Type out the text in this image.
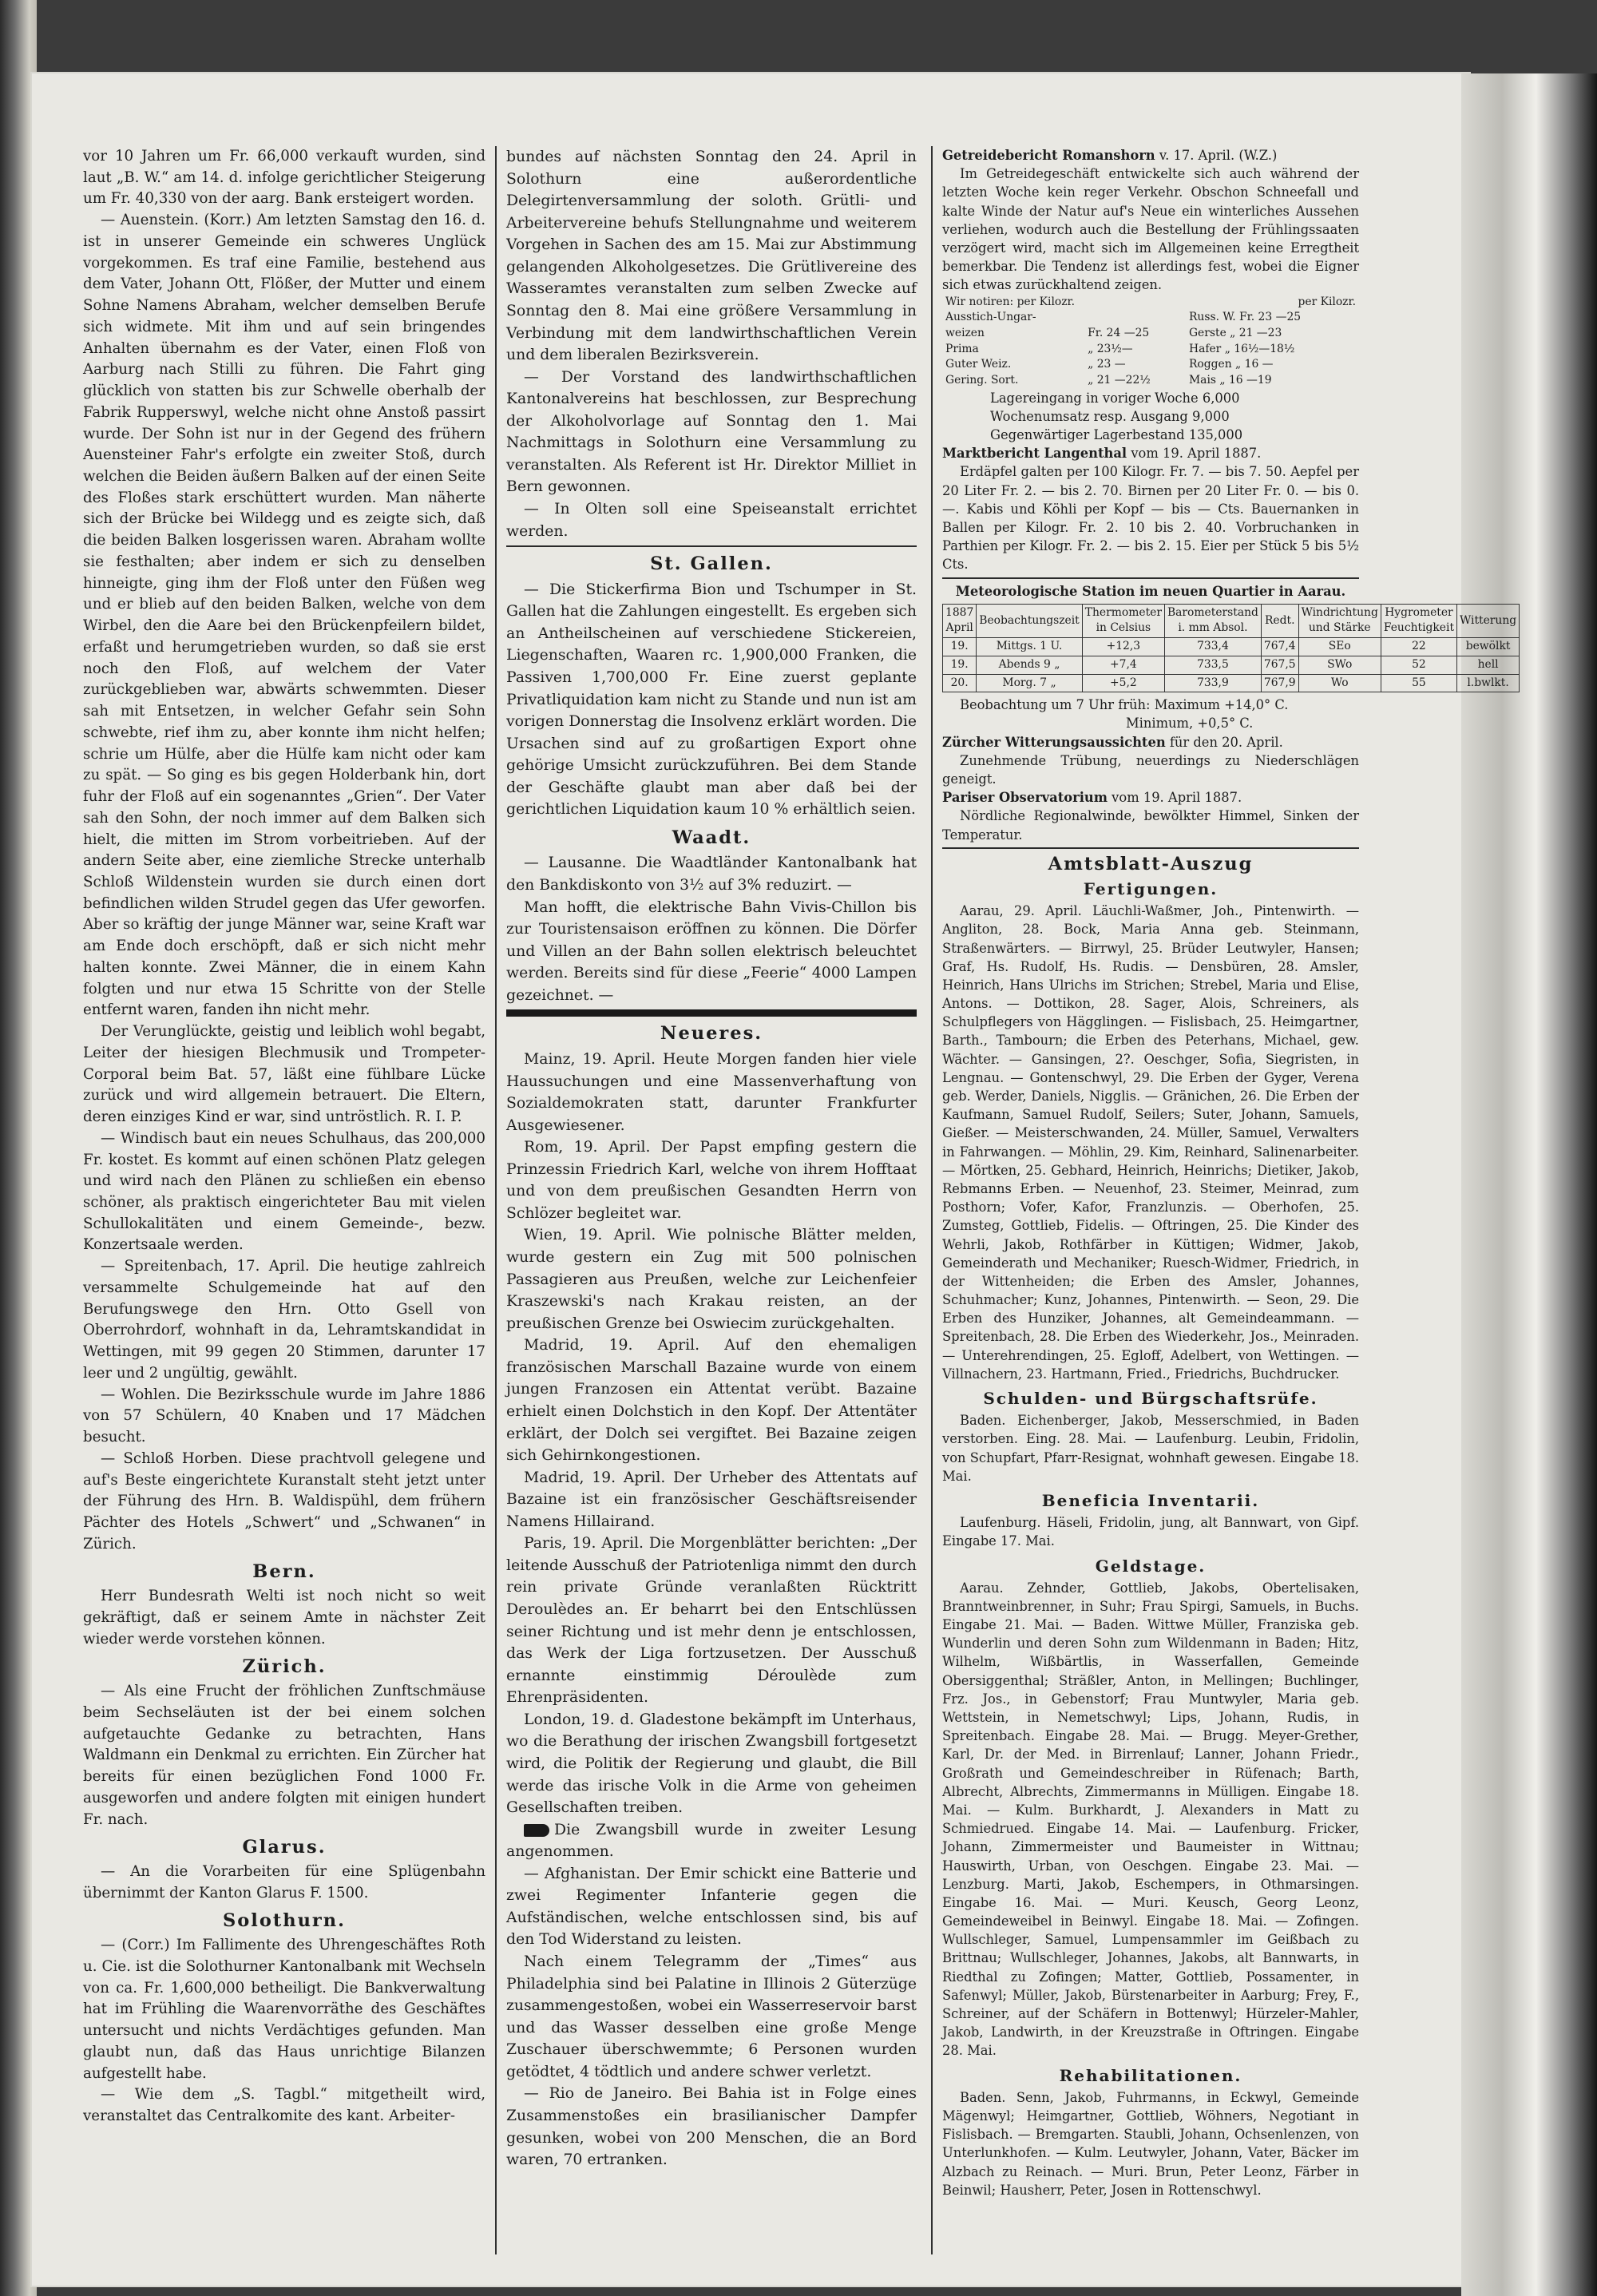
vor 10 Jahren um Fr. 66,000 verkauft wurden, sind laut „B. W.“ am 14. d. infolge gerichtlicher Steigerung um Fr. 40,330 von der aarg. Bank ersteigert worden.

— Auenstein. (Korr.) Am letzten Samstag den 16. d. ist in unserer Gemeinde ein schweres Unglück vorgekommen. Es traf eine Familie, bestehend aus dem Vater, Johann Ott, Flößer, der Mutter und einem Sohne Namens Abraham, welcher demselben Berufe sich widmete. Mit ihm und auf sein bringendes Anhalten übernahm es der Vater, einen Floß von Aarburg nach Stilli zu führen. Die Fahrt ging glücklich von statten bis zur Schwelle oberhalb der Fabrik Rupperswyl, welche nicht ohne Anstoß passirt wurde. Der Sohn ist nur in der Gegend des frühern Auensteiner Fahr's erfolgte ein zweiter Stoß, durch welchen die Beiden äußern Balken auf der einen Seite des Floßes stark erschüttert wurden. Man näherte sich der Brücke bei Wildegg und es zeigte sich, daß die beiden Balken losgerissen waren. Abraham wollte sie festhalten; aber indem er sich zu denselben hinneigte, ging ihm der Floß unter den Füßen weg und er blieb auf den beiden Balken, welche von dem Wirbel, den die Aare bei den Brückenpfeilern bildet, erfaßt und herumgetrieben wurden, so daß sie erst noch den Floß, auf welchem der Vater zurückgeblieben war, abwärts schwemmten. Dieser sah mit Entsetzen, in welcher Gefahr sein Sohn schwebte, rief ihm zu, aber konnte ihm nicht helfen; schrie um Hülfe, aber die Hülfe kam nicht oder kam zu spät. — So ging es bis gegen Holderbank hin, dort fuhr der Floß auf ein sogenanntes „Grien“. Der Vater sah den Sohn, der noch immer auf dem Balken sich hielt, die mitten im Strom vorbeitrieben. Auf der andern Seite aber, eine ziemliche Strecke unterhalb Schloß Wildenstein wurden sie durch einen dort befindlichen wilden Strudel gegen das Ufer geworfen. Aber so kräftig der junge Männer war, seine Kraft war am Ende doch erschöpft, daß er sich nicht mehr halten konnte. Zwei Männer, die in einem Kahn folgten und nur etwa 15 Schritte von der Stelle entfernt waren, fanden ihn nicht mehr.

Der Verunglückte, geistig und leiblich wohl begabt, Leiter der hiesigen Blechmusik und Trompeter-Corporal beim Bat. 57, läßt eine fühlbare Lücke zurück und wird allgemein betrauert. Die Eltern, deren einziges Kind er war, sind untröstlich. R. I. P.

— Windisch baut ein neues Schulhaus, das 200,000 Fr. kostet. Es kommt auf einen schönen Platz gelegen und wird nach den Plänen zu schließen ein ebenso schöner, als praktisch eingerichteter Bau mit vielen Schullokalitäten und einem Gemeinde-, bezw. Konzertsaale werden.

— Spreitenbach, 17. April. Die heutige zahlreich versammelte Schulgemeinde hat auf den Berufungswege den Hrn. Otto Gsell von Oberrohrdorf, wohnhaft in da, Lehramtskandidat in Wettingen, mit 99 gegen 20 Stimmen, darunter 17 leer und 2 ungültig, gewählt.

— Wohlen. Die Bezirksschule wurde im Jahre 1886 von 57 Schülern, 40 Knaben und 17 Mädchen besucht.

— Schloß Horben. Diese prachtvoll gelegene und auf's Beste eingerichtete Kuranstalt steht jetzt unter der Führung des Hrn. B. Waldispühl, dem frühern Pächter des Hotels „Schwert“ und „Schwanen“ in Zürich.

Bern.

Herr Bundesrath Welti ist noch nicht so weit gekräftigt, daß er seinem Amte in nächster Zeit wieder werde vorstehen können.

Zürich.

— Als eine Frucht der fröhlichen Zunftschmäuse beim Sechseläuten ist der bei einem solchen aufgetauchte Gedanke zu betrachten, Hans Waldmann ein Denkmal zu errichten. Ein Zürcher hat bereits für einen bezüglichen Fond 1000 Fr. ausgeworfen und andere folgten mit einigen hundert Fr. nach.

Glarus.

— An die Vorarbeiten für eine Splügenbahn übernimmt der Kanton Glarus F. 1500.

Solothurn.

— (Corr.) Im Fallimente des Uhrengeschäftes Roth u. Cie. ist die Solothurner Kantonalbank mit Wechseln von ca. Fr. 1,600,000 betheiligt. Die Bankverwaltung hat im Frühling die Waarenvorräthe des Geschäftes untersucht und nichts Verdächtiges gefunden. Man glaubt nun, daß das Haus unrichtige Bilanzen aufgestellt habe.

— Wie dem „S. Tagbl.“ mitgetheilt wird, veranstaltet das Centralkomite des kant. Arbeiter-

bundes auf nächsten Sonntag den 24. April in Solothurn eine außerordentliche Delegirtenversammlung der soloth. Grütli- und Arbeitervereine behufs Stellungnahme und weiterem Vorgehen in Sachen des am 15. Mai zur Abstimmung gelangenden Alkoholgesetzes. Die Grütlivereine des Wasseramtes veranstalten zum selben Zwecke auf Sonntag den 8. Mai eine größere Versammlung in Verbindung mit dem landwirthschaftlichen Verein und dem liberalen Bezirksverein.

— Der Vorstand des landwirthschaftlichen Kantonalvereins hat beschlossen, zur Besprechung der Alkoholvorlage auf Sonntag den 1. Mai Nachmittags in Solothurn eine Versammlung zu veranstalten. Als Referent ist Hr. Direktor Milliet in Bern gewonnen.

— In Olten soll eine Speiseanstalt errichtet werden.

St. Gallen.

— Die Stickerfirma Bion und Tschumper in St. Gallen hat die Zahlungen eingestellt. Es ergeben sich an Antheilscheinen auf verschiedene Stickereien, Liegenschaften, Waaren rc. 1,900,000 Franken, die Passiven 1,700,000 Fr. Eine zuerst geplante Privatliquidation kam nicht zu Stande und nun ist am vorigen Donnerstag die Insolvenz erklärt worden. Die Ursachen sind auf zu großartigen Export ohne gehörige Umsicht zurückzuführen. Bei dem Stande der Geschäfte glaubt man aber daß bei der gerichtlichen Liquidation kaum 10 % erhältlich seien.

Waadt.

— Lausanne. Die Waadtländer Kantonalbank hat den Bankdiskonto von 3½ auf 3% reduzirt. —

Man hofft, die elektrische Bahn Vivis-Chillon bis zur Touristensaison eröffnen zu können. Die Dörfer und Villen an der Bahn sollen elektrisch beleuchtet werden. Bereits sind für diese „Feerie“ 4000 Lampen gezeichnet. —

Neueres.

Mainz, 19. April. Heute Morgen fanden hier viele Haussuchungen und eine Massenverhaftung von Sozialdemokraten statt, darunter Frankfurter Ausgewiesener.

Rom, 19. April. Der Papst empfing gestern die Prinzessin Friedrich Karl, welche von ihrem Hofftaat und von dem preußischen Gesandten Herrn von Schlözer begleitet war.

Wien, 19. April. Wie polnische Blätter melden, wurde gestern ein Zug mit 500 polnischen Passagieren aus Preußen, welche zur Leichenfeier Kraszewski's nach Krakau reisten, an der preußischen Grenze bei Oswiecim zurückgehalten.

Madrid, 19. April. Auf den ehemaligen französischen Marschall Bazaine wurde von einem jungen Franzosen ein Attentat verübt. Bazaine erhielt einen Dolchstich in den Kopf. Der Attentäter erklärt, der Dolch sei vergiftet. Bei Bazaine zeigen sich Gehirnkongestionen.

Madrid, 19. April. Der Urheber des Attentats auf Bazaine ist ein französischer Geschäftsreisender Namens Hillairand.

Paris, 19. April. Die Morgenblätter berichten: „Der leitende Ausschuß der Patriotenliga nimmt den durch rein private Gründe veranlaßten Rücktritt Deroulèdes an. Er beharrt bei den Entschlüssen seiner Richtung und ist mehr denn je entschlossen, das Werk der Liga fortzusetzen. Der Ausschuß ernannte einstimmig Déroulède zum Ehrenpräsidenten.

London, 19. d. Gladestone bekämpft im Unterhaus, wo die Berathung der irischen Zwangsbill fortgesetzt wird, die Politik der Regierung und glaubt, die Bill werde das irische Volk in die Arme von geheimen Gesellschaften treiben.

Die Zwangsbill wurde in zweiter Lesung angenommen.

— Afghanistan. Der Emir schickt eine Batterie und zwei Regimenter Infanterie gegen die Aufständischen, welche entschlossen sind, bis auf den Tod Widerstand zu leisten.

Nach einem Telegramm der „Times“ aus Philadelphia sind bei Palatine in Illinois 2 Güterzüge zusammengestoßen, wobei ein Wasserreservoir barst und das Wasser desselben eine große Menge Zuschauer überschwemmte; 6 Personen wurden getödtet, 4 tödtlich und andere schwer verletzt.

— Rio de Janeiro. Bei Bahia ist in Folge eines Zusammenstoßes ein brasilianischer Dampfer gesunken, wobei von 200 Menschen, die an Bord waren, 70 ertranken.

Getreidebericht Romanshorn v. 17. April. (W.Z.)

Im Getreidegeschäft entwickelte sich auch während der letzten Woche kein reger Verkehr. Obschon Schneefall und kalte Winde der Natur auf's Neue ein winterliches Aussehen verliehen, wodurch auch die Bestellung der Frühlingssaaten verzögert wird, macht sich im Allgemeinen keine Erregtheit bemerkbar. Die Tendenz ist allerdings fest, wobei die Eigner sich etwas zurückhaltend zeigen.

Wir notiren: per Kilozr.		per Kilozr.
Ausstich-Ungar-		Russ. W. Fr. 23 —25
weizen	Fr. 24 —25	Gerste „ 21 —23
Prima	„ 23½—	Hafer „ 16½—18½
Guter Weiz.	„ 23 —	Roggen „ 16 —
Gering. Sort.	„ 21 —22½	Mais „ 16 —19

Lagereingang in voriger Woche 6,000

Wochenumsatz resp. Ausgang 9,000

Gegenwärtiger Lagerbestand 135,000

Marktbericht Langenthal vom 19. April 1887.

Erdäpfel galten per 100 Kilogr. Fr. 7. — bis 7. 50. Aepfel per 20 Liter Fr. 2. — bis 2. 70. Birnen per 20 Liter Fr. 0. — bis 0. —. Kabis und Köhli per Kopf — bis — Cts. Bauernanken in Ballen per Kilogr. Fr. 2. 10 bis 2. 40. Vorbruchanken in Parthien per Kilogr. Fr. 2. — bis 2. 15. Eier per Stück 5 bis 5½ Cts.

Meteorologische Station im neuen Quartier in Aarau.

1887 April	Beobachtungszeit	Thermometer in Celsius	Barometerstand i. mm Absol.	Redt.	Windrichtung und Stärke	Hygrometer Feuchtigkeit	Witterung
19.	Mittgs. 1 U.	+12,3	733,4	767,4	SEo	22	bewölkt
19.	Abends 9 „	+7,4	733,5	767,5	SWo	52	hell
20.	Morg. 7 „	+5,2	733,9	767,9	Wo	55	l.bwlkt.

Beobachtung um 7 Uhr früh: Maximum +14,0° C.

Minimum, +0,5° C.

Zürcher Witterungsaussichten für den 20. April.

Zunehmende Trübung, neuerdings zu Niederschlägen geneigt.

Pariser Observatorium vom 19. April 1887.

Nördliche Regionalwinde, bewölkter Himmel, Sinken der Temperatur.

Amtsblatt-Auszug
Fertigungen.

Aarau, 29. April. Läuchli-Waßmer, Joh., Pintenwirth. — Angliton, 28. Bock, Maria Anna geb. Steinmann, Straßenwärters. — Birrwyl, 25. Brüder Leutwyler, Hansen; Graf, Hs. Rudolf, Hs. Rudis. — Densbüren, 28. Amsler, Heinrich, Hans Ulrichs im Strichen; Strebel, Maria und Elise, Antons. — Dottikon, 28. Sager, Alois, Schreiners, als Schulpflegers von Hägglingen. — Fislisbach, 25. Heimgartner, Barth., Tambourn; die Erben des Peterhans, Michael, gew. Wächter. — Gansingen, 2?. Oeschger, Sofia, Siegristen, in Lengnau. — Gontenschwyl, 29. Die Erben der Gyger, Verena geb. Werder, Daniels, Nigglis. — Gränichen, 26. Die Erben der Kaufmann, Samuel Rudolf, Seilers; Suter, Johann, Samuels, Gießer. — Meisterschwanden, 24. Müller, Samuel, Verwalters in Fahrwangen. — Möhlin, 29. Kim, Reinhard, Salinenarbeiter. — Mörtken, 25. Gebhard, Heinrich, Heinrichs; Dietiker, Jakob, Rebmanns Erben. — Neuenhof, 23. Steimer, Meinrad, zum Posthorn; Vofer, Kafor, Franzlunzis. — Oberhofen, 25. Zumsteg, Gottlieb, Fidelis. — Oftringen, 25. Die Kinder des Wehrli, Jakob, Rothfärber in Küttigen; Widmer, Jakob, Gemeinderath und Mechaniker; Ruesch-Widmer, Friedrich, in der Wittenheiden; die Erben des Amsler, Johannes, Schuhmacher; Kunz, Johannes, Pintenwirth. — Seon, 29. Die Erben des Hunziker, Johannes, alt Gemeindeammann. — Spreitenbach, 28. Die Erben des Wiederkehr, Jos., Meinraden. — Unterehrendingen, 25. Egloff, Adelbert, von Wettingen. — Villnachern, 23. Hartmann, Fried., Friedrichs, Buchdrucker.

Schulden- und Bürgschaftsrüfe.

Baden. Eichenberger, Jakob, Messerschmied, in Baden verstorben. Eing. 28. Mai. — Laufenburg. Leubin, Fridolin, von Schupfart, Pfarr-Resignat, wohnhaft gewesen. Eingabe 18. Mai.

Beneficia Inventarii.

Laufenburg. Häseli, Fridolin, jung, alt Bannwart, von Gipf. Eingabe 17. Mai.

Geldstage.

Aarau. Zehnder, Gottlieb, Jakobs, Obertelisaken, Branntweinbrenner, in Suhr; Frau Spirgi, Samuels, in Buchs. Eingabe 21. Mai. — Baden. Wittwe Müller, Franziska geb. Wunderlin und deren Sohn zum Wildenmann in Baden; Hitz, Wilhelm, Wißbärtlis, in Wasserfallen, Gemeinde Obersiggenthal; Sträßler, Anton, in Mellingen; Buchlinger, Frz. Jos., in Gebenstorf; Frau Muntwyler, Maria geb. Wettstein, in Nemetschwyl; Lips, Johann, Rudis, in Spreitenbach. Eingabe 28. Mai. — Brugg. Meyer-Grether, Karl, Dr. der Med. in Birrenlauf; Lanner, Johann Friedr., Großrath und Gemeindeschreiber in Rüfenach; Barth, Albrecht, Albrechts, Zimmermanns in Mülligen. Eingabe 18. Mai. — Kulm. Burkhardt, J. Alexanders in Matt zu Schmiedrued. Eingabe 14. Mai. — Laufenburg. Fricker, Johann, Zimmermeister und Baumeister in Wittnau; Hauswirth, Urban, von Oeschgen. Eingabe 23. Mai. — Lenzburg. Marti, Jakob, Eschempers, in Othmarsingen. Eingabe 16. Mai. — Muri. Keusch, Georg Leonz, Gemeindeweibel in Beinwyl. Eingabe 18. Mai. — Zofingen. Wullschleger, Samuel, Lumpensammler im Geißbach zu Brittnau; Wullschleger, Johannes, Jakobs, alt Bannwarts, in Riedthal zu Zofingen; Matter, Gottlieb, Possamenter, in Safenwyl; Müller, Jakob, Bürstenarbeiter in Aarburg; Frey, F., Schreiner, auf der Schäfern in Bottenwyl; Hürzeler-Mahler, Jakob, Landwirth, in der Kreuzstraße in Oftringen. Eingabe 28. Mai.

Rehabilitationen.

Baden. Senn, Jakob, Fuhrmanns, in Eckwyl, Gemeinde Mägenwyl; Heimgartner, Gottlieb, Wöhners, Negotiant in Fislisbach. — Bremgarten. Staubli, Johann, Ochsenlenzen, von Unterlunkhofen. — Kulm. Leutwyler, Johann, Vater, Bäcker im Alzbach zu Reinach. — Muri. Brun, Peter Leonz, Färber in Beinwil; Hausherr, Peter, Josen in Rottenschwyl.
